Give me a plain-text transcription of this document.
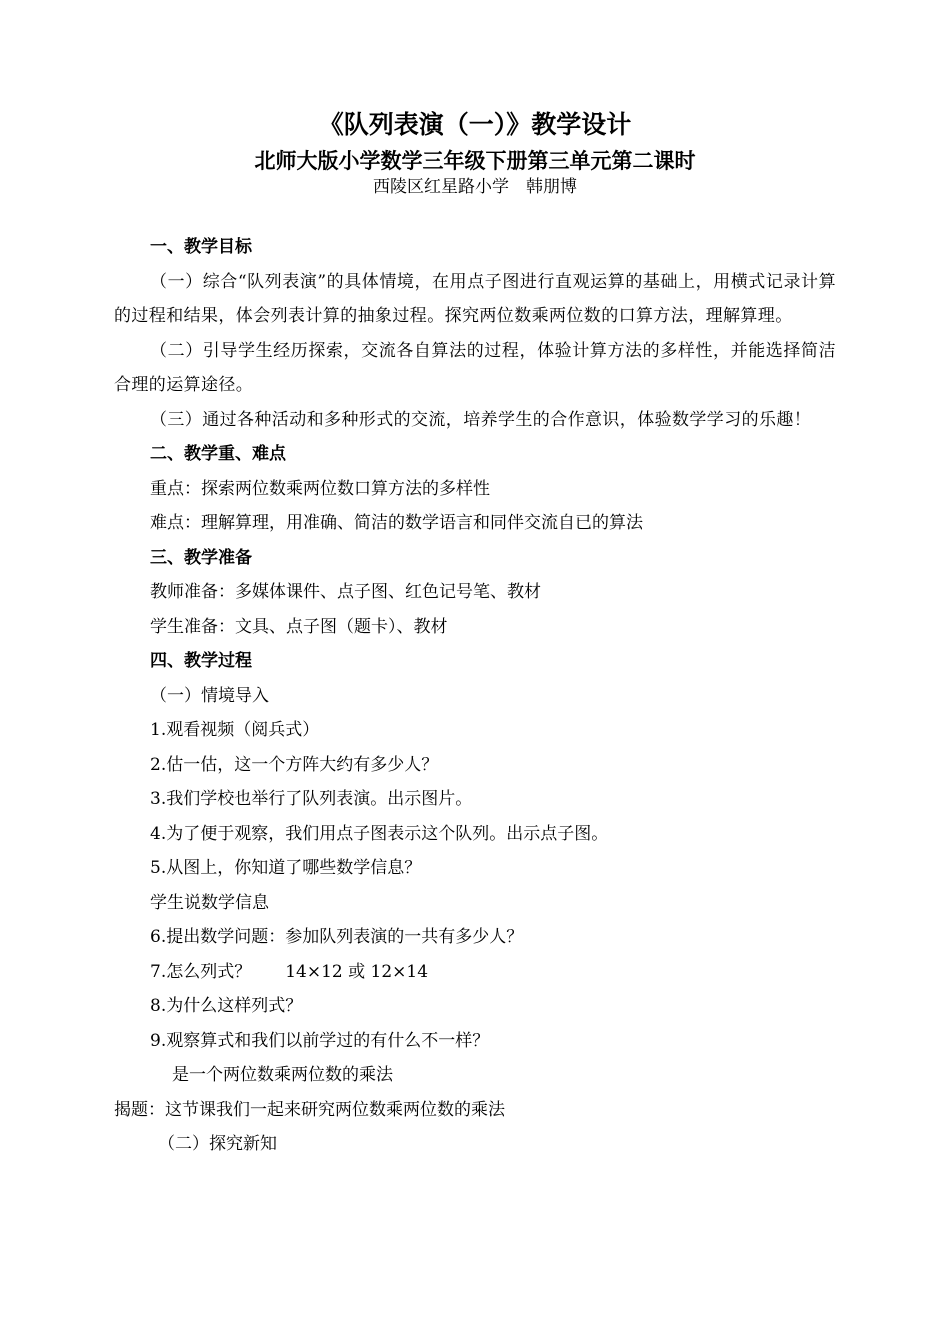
《队列表演（一）》教学设计
北师大版小学数学三年级下册第三单元第二课时
西陵区红星路小学　韩朋博
一、教学目标
（一）综合“队列表演”的具体情境，在用点子图进行直观运算的基础上，用横式记录计算的过程和结果，体会列表计算的抽象过程。探究两位数乘两位数的口算方法，理解算理。
（二）引导学生经历探索，交流各自算法的过程，体验计算方法的多样性，并能选择简洁合理的运算途径。
（三）通过各种活动和多种形式的交流，培养学生的合作意识，体验数学学习的乐趣！
二、教学重、难点
重点：探索两位数乘两位数口算方法的多样性
难点：理解算理，用准确、简洁的数学语言和同伴交流自已的算法
三、教学准备
教师准备：多媒体课件、点子图、红色记号笔、教材
学生准备：文具、点子图（题卡）、教材
四、教学过程
（一）情境导入
1.观看视频（阅兵式）
2.估一估，这一个方阵大约有多少人？
3.我们学校也举行了队列表演。出示图片。
4.为了便于观察，我们用点子图表示这个队列。出示点子图。
5.从图上，你知道了哪些数学信息？
学生说数学信息
6.提出数学问题：参加队列表演的一共有多少人？
7.怎么列式？ 14×12 或 12×14
8.为什么这样列式？
9.观察算式和我们以前学过的有什么不一样？
是一个两位数乘两位数的乘法
揭题：这节课我们一起来研究两位数乘两位数的乘法
（二）探究新知
